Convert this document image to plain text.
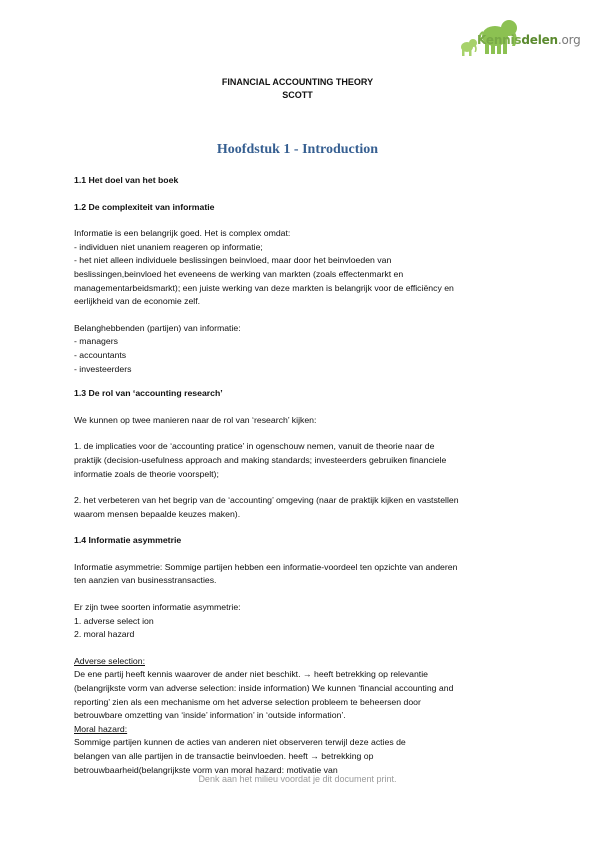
Kennisdelen.org
FINANCIAL ACCOUNTING THEORY
SCOTT
Hoofdstuk 1 - Introduction

1.1 Het doel van het boek

1.2 De complexiteit van informatie

Informatie is een belangrijk goed. Het is complex omdat:

- individuen niet unaniem reageren op informatie;

- het niet alleen individuele beslissingen beinvloed, maar door het beinvloeden van

beslissingen,beinvloed het eveneens de werking van markten (zoals effectenmarkt en

managementarbeidsmarkt); een juiste werking van deze markten is belangrijk voor de efficiëncy en

eerlijkheid van de economie zelf.

Belanghebbenden (partijen) van informatie:

- managers

- accountants

- investeerders

1.3 De rol van ‘accounting research’

We kunnen op twee manieren naar de rol van ‘research’ kijken:

1. de implicaties voor de ‘accounting pratice’ in ogenschouw nemen, vanuit de theorie naar de

praktijk (decision-usefulness approach and making standards; investeerders gebruiken financiele

informatie zoals de theorie voorspelt);

2. het verbeteren van het begrip van de ‘accounting’ omgeving (naar de praktijk kijken en vaststellen

waarom mensen bepaalde keuzes maken).

1.4 Informatie asymmetrie

Informatie asymmetrie: Sommige partijen hebben een informatie-voordeel ten opzichte van anderen

ten aanzien van businesstransacties.

Er zijn twee soorten informatie asymmetrie:

1. adverse select ion

2. moral hazard

Adverse selection:

De ene partij heeft kennis waarover de ander niet beschikt. → heeft betrekking op relevantie

(belangrijkste vorm van adverse selection: inside information) We kunnen ‘financial accounting and

reporting’ zien als een mechanisme om het adverse selection probleem te beheersen door

betrouwbare omzetting van ‘inside’ information’ in ‘outside information’.

Moral hazard:

Sommige partijen kunnen de acties van anderen niet observeren terwijl deze acties de

belangen van alle partijen in de transactie beinvloeden. heeft → betrekking op

betrouwbaarheid(belangrijkste vorm van moral hazard: motivatie van

Denk aan het milieu voordat je dit document print.
